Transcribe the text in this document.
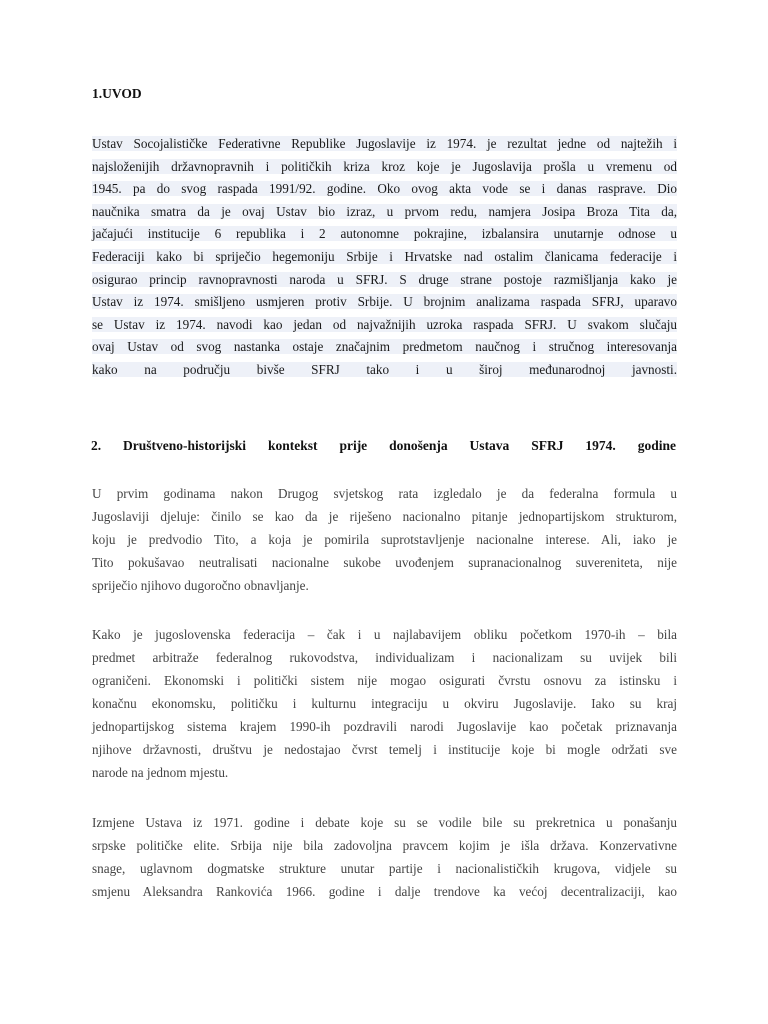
1.UVOD
Ustav Socojalističke Federativne Republike Jugoslavije iz 1974. je rezultat jedne od najtežih i
najsloženijih državnopravnih i političkih kriza kroz koje je Jugoslavija prošla u vremenu od
1945. pa do svog raspada 1991/92. godine. Oko ovog akta vode se i danas rasprave. Dio
naučnika smatra da je ovaj Ustav bio izraz, u prvom redu, namjera Josipa Broza Tita da,
jačajući institucije 6 republika i 2 autonomne pokrajine, izbalansira unutarnje odnose u
Federaciji kako bi spriječio hegemoniju Srbije i Hrvatske nad ostalim članicama federacije i
osigurao princip ravnopravnosti naroda u SFRJ. S druge strane postoje razmišljanja kako je
Ustav iz 1974. smišljeno usmjeren protiv Srbije. U brojnim analizama raspada SFRJ, uparavo
se Ustav iz 1974. navodi kao jedan od najvažnijih uzroka raspada SFRJ. U svakom slučaju
ovaj Ustav od svog nastanka ostaje značajnim predmetom naučnog i stručnog interesovanja
kako na području bivše SFRJ tako i u široj međunarodnoj javnosti.
2. Društveno-historijski kontekst prije donošenja Ustava SFRJ 1974. godine
U prvim godinama nakon Drugog svjetskog rata izgledalo je da federalna formula u
Jugoslaviji djeluje: činilo se kao da je riješeno nacionalno pitanje jednopartijskom strukturom,
koju je predvodio Tito, a koja je pomirila suprotstavljenje nacionalne interese. Ali, iako je
Tito pokušavao neutralisati nacionalne sukobe uvođenjem supranacionalnog suvereniteta, nije
spriječio njihovo dugoročno obnavljanje.
Kako je jugoslovenska federacija – čak i u najlabavijem obliku početkom 1970-ih – bila
predmet arbitraže federalnog rukovodstva, individualizam i nacionalizam su uvijek bili
ograničeni. Ekonomski i politički sistem nije mogao osigurati čvrstu osnovu za istinsku i
konačnu ekonomsku, političku i kulturnu integraciju u okviru Jugoslavije. Iako su kraj
jednopartijskog sistema krajem 1990-ih pozdravili narodi Jugoslavije kao početak priznavanja
njihove državnosti, društvu je nedostajao čvrst temelj i institucije koje bi mogle održati sve
narode na jednom mjestu.
Izmjene Ustava iz 1971. godine i debate koje su se vodile bile su prekretnica u ponašanju
srpske političke elite. Srbija nije bila zadovoljna pravcem kojim je išla država. Konzervativne
snage, uglavnom dogmatske strukture unutar partije i nacionalističkih krugova, vidjele su
smjenu Aleksandra Rankovića 1966. godine i dalje trendove ka većoj decentralizaciji, kao
